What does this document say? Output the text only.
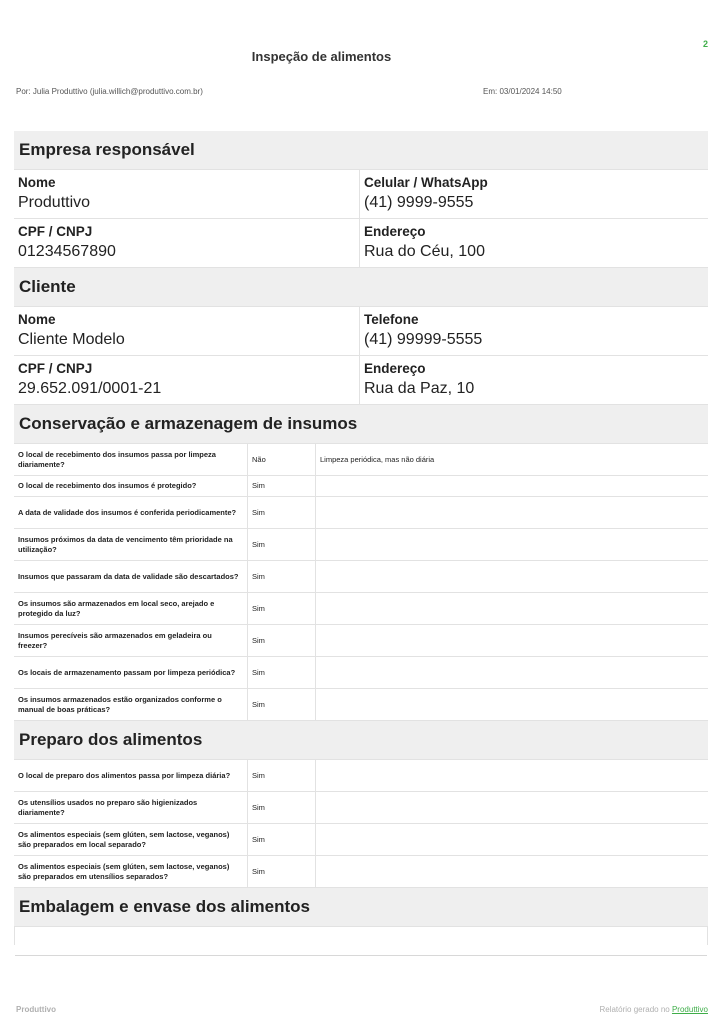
2
Inspeção de alimentos
Por: Julia Produttivo (julia.willich@produttivo.com.br)	Em: 03/01/2024 14:50
Empresa responsável
Nome
Produttivo
Celular / WhatsApp
(41) 9999-9555
CPF / CNPJ
01234567890
Endereço
Rua do Céu, 100
Cliente
Nome
Cliente Modelo
Telefone
(41) 99999-5555
CPF / CNPJ
29.652.091/0001-21
Endereço
Rua da Paz, 10
Conservação e armazenagem de insumos
O local de recebimento dos insumos passa por limpeza diariamente?
Não	Limpeza periódica, mas não diária
O local de recebimento dos insumos é protegido?	Sim
A data de validade dos insumos é conferida periodicamente?	Sim
Insumos próximos da data de vencimento têm prioridade na utilização?
Sim
Insumos que passaram da data de validade são descartados?	Sim
Os insumos são armazenados em local seco, arejado e protegido da luz?
Sim
Insumos perecíveis são armazenados em geladeira ou freezer?
Sim
Os locais de armazenamento passam por limpeza periódica?	Sim
Os insumos armazenados estão organizados conforme o manual de boas práticas?
Sim
Preparo dos alimentos
O local de preparo dos alimentos passa por limpeza diária?	Sim
Os utensílios usados no preparo são higienizados diariamente?
Sim
Os alimentos especiais (sem glúten, sem lactose, veganos) são preparados em local separado?
Sim
Os alimentos especiais (sem glúten, sem lactose, veganos) são preparados em utensílios separados?
Sim
Embalagem e envase dos alimentos
Produttivo	Relatório gerado no Produttivo
